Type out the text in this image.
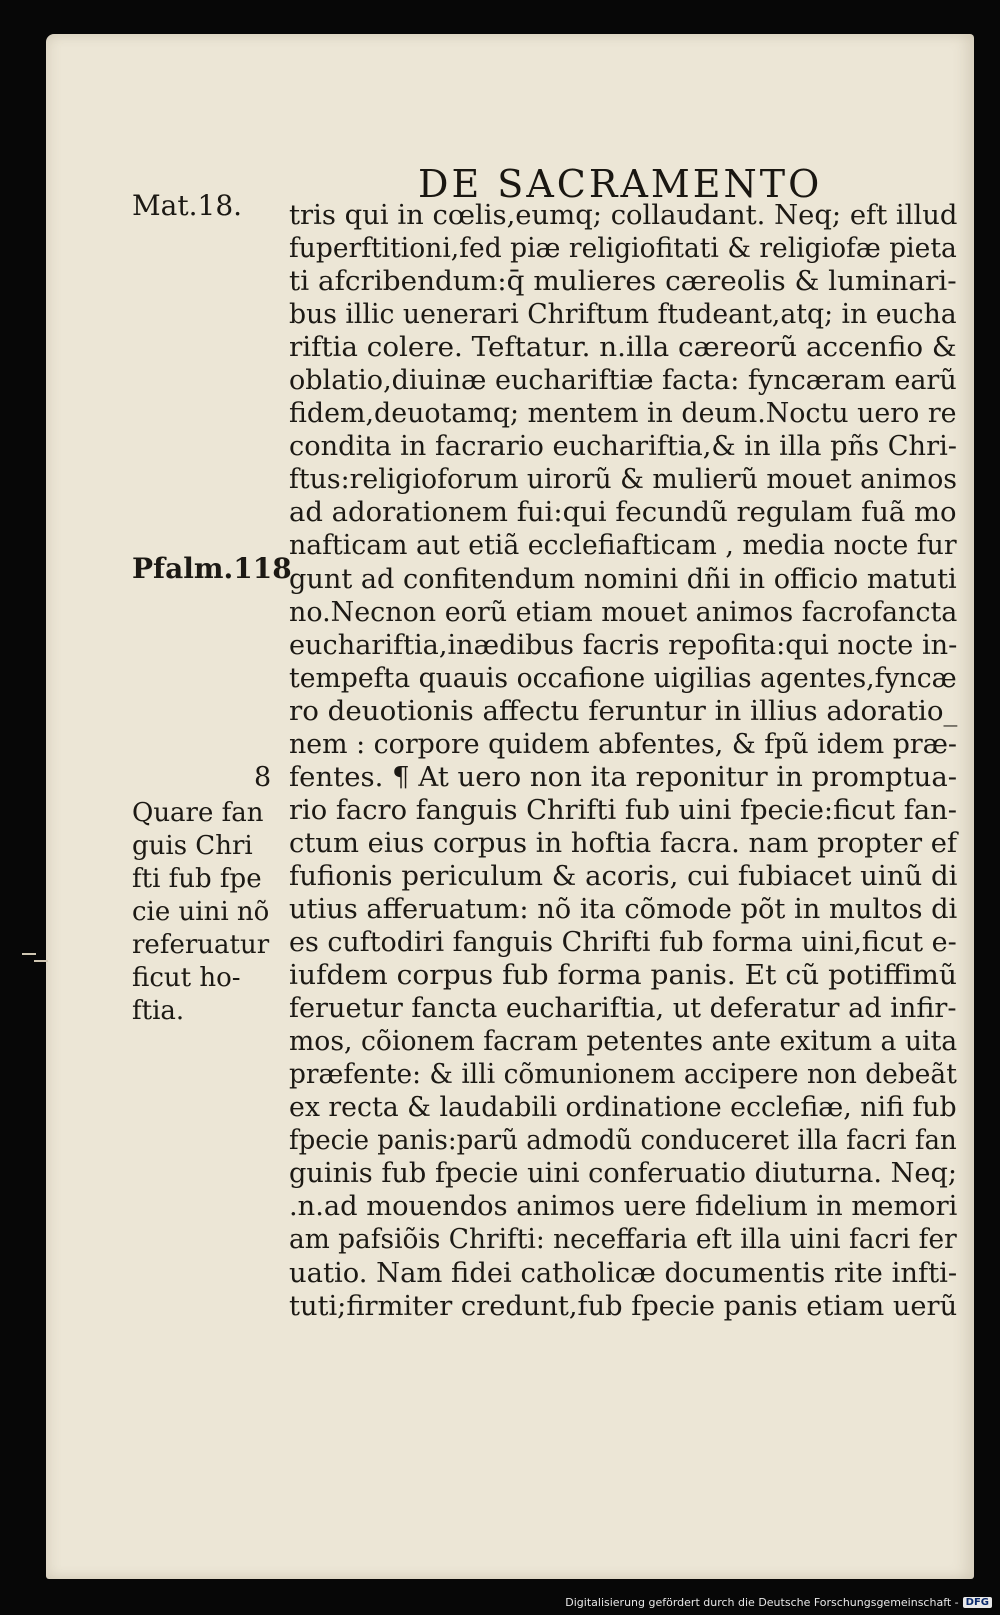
DE SACRAMENTO
Mat.18.
Pfalm.118
8
Quare fan
guis Chri
fti fub fpe
cie uini nõ
referuatur
ficut ho-
ftia.
tris qui in cœlis,eumq; collaudant. Neq; eft illud
fuperftitioni,fed piæ religiofitati & religiofæ pieta
ti afcribendum:q̄ mulieres cæreolis & luminari-
bus illic uenerari Chriftum ftudeant,atq; in eucha
riftia colere. Teftatur. n.illa cæreorũ accenfio &
oblatio,diuinæ euchariftiæ facta: fyncæram earũ
fidem,deuotamq; mentem in deum.Noctu uero re
condita in facrario euchariftia,& in illa pñs Chri-
ftus:religioforum uirorũ & mulierũ mouet animos
ad adorationem fui:qui fecundũ regulam fuã mo
nafticam aut etiã ecclefiafticam , media nocte fur
gunt ad confitendum nomini dñi in officio matuti
no.Necnon eorũ etiam mouet animos facrofancta
euchariftia,inædibus facris repofita:qui nocte in-
tempefta quauis occafione uigilias agentes,fyncæ
ro deuotionis affectu feruntur in illius adoratio_
nem : corpore quidem abfentes, & fpũ idem præ-
fentes. ¶ At uero non ita reponitur in promptua-
rio facro fanguis Chrifti fub uini fpecie:ficut fan-
ctum eius corpus in hoftia facra. nam propter ef
fufionis periculum & acoris, cui fubiacet uinũ di
utius afferuatum: nõ ita cõmode põt in multos di
es cuftodiri fanguis Chrifti fub forma uini,ficut e-
iufdem corpus fub forma panis. Et cũ potiffimũ
feruetur fancta euchariftia, ut deferatur ad infir-
mos, cõionem facram petentes ante exitum a uita
præfente: & illi cõmunionem accipere non debeãt
ex recta & laudabili ordinatione ecclefiæ, nifi fub
fpecie panis:parũ admodũ conduceret illa facri fan
guinis fub fpecie uini conferuatio diuturna. Neq;
.n.ad mouendos animos uere fidelium in memori
am pafsiõis Chrifti: neceffaria eft illa uini facri fer
uatio. Nam fidei catholicæ documentis rite infti-
tuti;firmiter credunt,fub fpecie panis etiam uerũ
Digitalisierung gefördert durch die Deutsche Forschungsgemeinschaft - DFG
